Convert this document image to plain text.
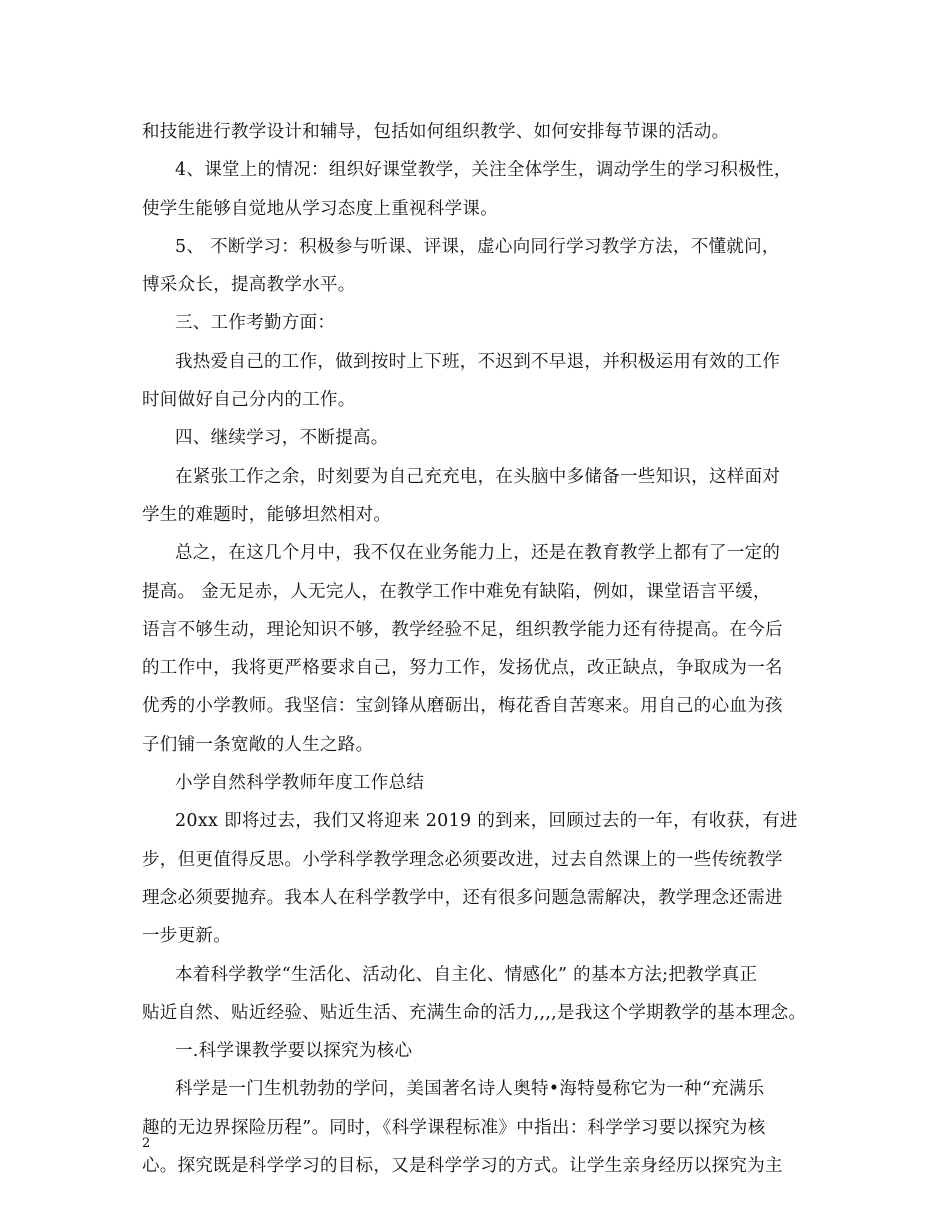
和技能进行教学设计和辅导，包括如何组织教学、如何安排每节课的活动。
4、课堂上的情况：组织好课堂教学，关注全体学生，调动学生的学习积极性，
使学生能够自觉地从学习态度上重视科学课。
5、 不断学习：积极参与听课、评课，虚心向同行学习教学方法，不懂就问，
博采众长，提高教学水平。
三、工作考勤方面：
我热爱自己的工作，做到按时上下班，不迟到不早退，并积极运用有效的工作
时间做好自己分内的工作。
四、继续学习，不断提高。
在紧张工作之余，时刻要为自己充充电，在头脑中多储备一些知识，这样面对
学生的难题时，能够坦然相对。
总之，在这几个月中，我不仅在业务能力上，还是在教育教学上都有了一定的
提高。 金无足赤，人无完人，在教学工作中难免有缺陷，例如，课堂语言平缓，
语言不够生动，理论知识不够，教学经验不足，组织教学能力还有待提高。在今后
的工作中，我将更严格要求自己，努力工作，发扬优点，改正缺点，争取成为一名
优秀的小学教师。我坚信：宝剑锋从磨砺出，梅花香自苦寒来。用自己的心血为孩
子们铺一条宽敞的人生之路。
小学自然科学教师年度工作总结
20xx 即将过去，我们又将迎来 2019 的到来，回顾过去的一年，有收获，有进
步，但更值得反思。小学科学教学理念必须要改进，过去自然课上的一些传统教学
理念必须要抛弃。我本人在科学教学中，还有很多问题急需解决，教学理念还需进
一步更新。
本着科学教学“生活化、活动化、自主化、情感化” 的基本方法;把教学真正
贴近自然、贴近经验、贴近生活、充满生命的活力,,,,是我这个学期教学的基本理念。
一.科学课教学要以探究为核心
科学是一门生机勃勃的学问，美国著名诗人奥特•海特曼称它为一种“充满乐
趣的无边界探险历程”。同时，《科学课程标准》中指出：科学学习要以探究为核
心。探究既是科学学习的目标，又是科学学习的方式。让学生亲身经历以探究为主
2
